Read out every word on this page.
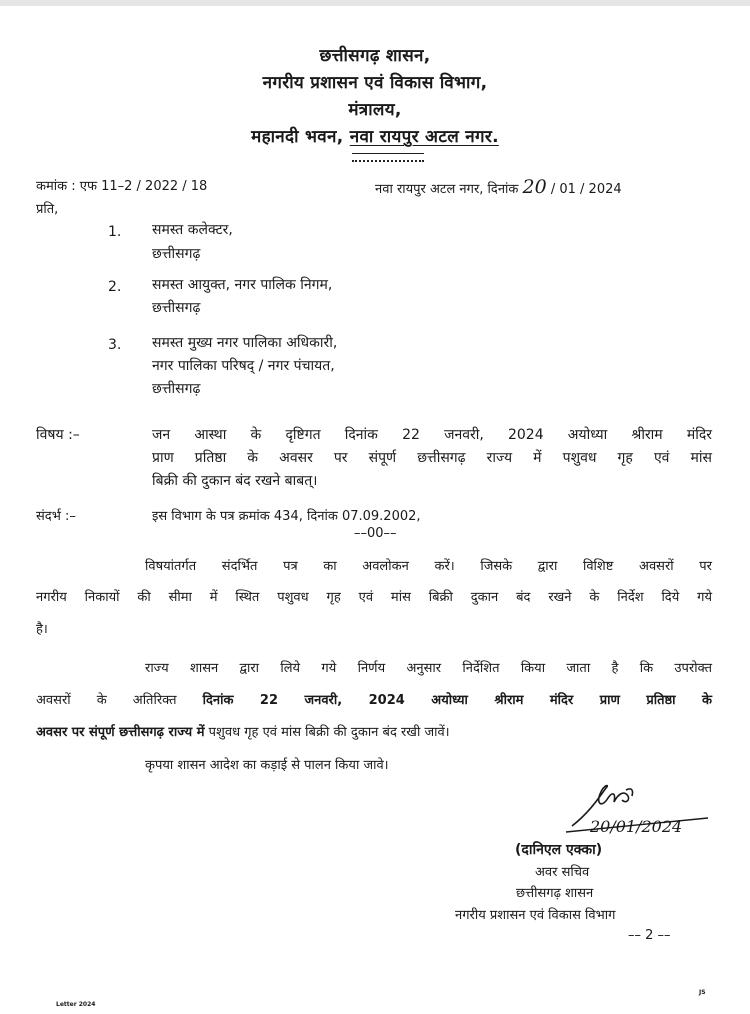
छत्तीसगढ़ शासन,
नगरीय प्रशासन एवं विकास विभाग,
मंत्रालय,
महानदी भवन, नवा रायपुर अटल नगर.
कमांक : एफ 11–2 / 2022 / 18	नवा रायपुर अटल नगर, दिनांक 20 / 01 / 2024
प्रति,
1. समस्त कलेक्टर,
छत्तीसगढ़
2. समस्त आयुक्त, नगर पालिक निगम,
छत्तीसगढ़
3. समस्त मुख्य नगर पालिका अधिकारी,
नगर पालिका परिषद् / नगर पंचायत,
छत्तीसगढ़
विषय :–	जन आस्था के दृष्टिगत दिनांक 22 जनवरी, 2024 अयोध्या श्रीराम मंदिर
प्राण प्रतिष्ठा के अवसर पर संपूर्ण छत्तीसगढ़ राज्य में पशुवध गृह एवं मांस
बिक्री की दुकान बंद रखने बाबत्।
संदर्भ :–	इस विभाग के पत्र क्रमांक 434, दिनांक 07.09.2002,
––00––
विषयांतर्गत संदर्भित पत्र का अवलोकन करें। जिसके द्वारा विशिष्ट अवसरों पर
नगरीय निकायों की सीमा में स्थित पशुवध गृह एवं मांस बिक्री दुकान बंद रखने के निर्देश दिये गये
है।
राज्य शासन द्वारा लिये गये निर्णय अनुसार निर्देशित किया जाता है कि उपरोक्त
अवसरों के अतिरिक्त दिनांक 22 जनवरी, 2024 अयोध्या श्रीराम मंदिर प्राण प्रतिष्ठा के
अवसर पर संपूर्ण छत्तीसगढ़ राज्य में पशुवध गृह एवं मांस बिक्री की दुकान बंद रखी जावें।
कृपया शासन आदेश का कड़ाई से पालन किया जावे।
20/01/2024
(दानिएल एक्का)
अवर सचिव
छत्तीसगढ़ शासन
नगरीय प्रशासन एवं विकास विभाग
–– 2 ––
Letter 2024
JS
